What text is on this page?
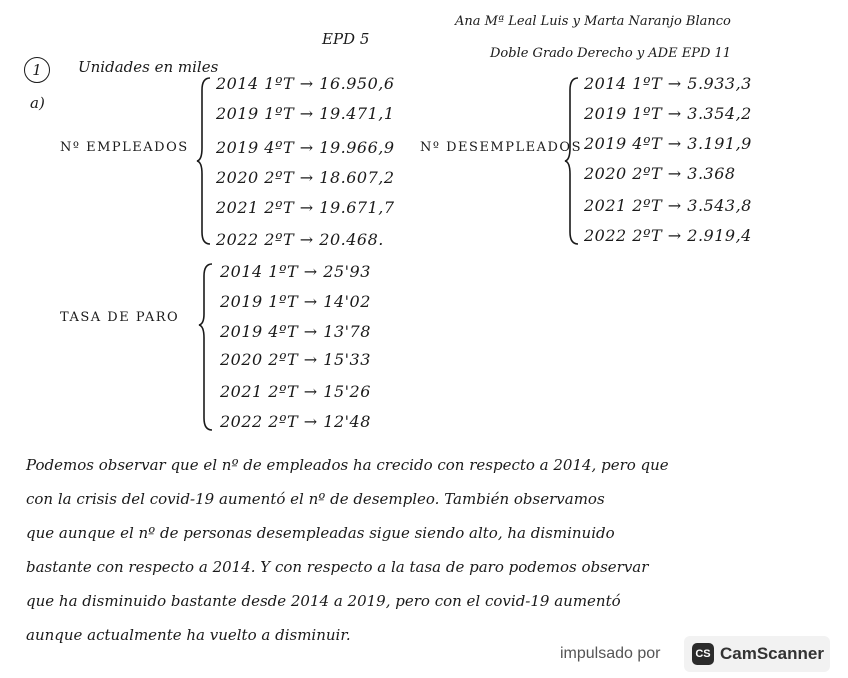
EPD 5
Ana Mª Leal Luis y Marta Naranjo Blanco
Doble Grado Derecho y ADE EPD 11
1	Unidades en miles
a)
Nº EMPLEADOS
2014 1ºT → 16.950,6
2019 1ºT → 19.471,1
2019 4ºT → 19.966,9
2020 2ºT → 18.607,2
2021 2ºT → 19.671,7
2022 2ºT → 20.468.
Nº DESEMPLEADOS
2014 1ºT → 5.933,3
2019 1ºT → 3.354,2
2019 4ºT → 3.191,9
2020 2ºT → 3.368
2021 2ºT → 3.543,8
2022 2ºT → 2.919,4
TASA DE PARO
2014 1ºT → 25'93
2019 1ºT → 14'02
2019 4ºT → 13'78
2020 2ºT → 15'33
2021 2ºT → 15'26
2022 2ºT → 12'48
Podemos observar que el nº de empleados ha crecido con respecto a 2014, pero que
con la crisis del covid-19 aumentó el nº de desempleo. También observamos
que aunque el nº de personas desempleadas sigue siendo alto, ha disminuido
bastante con respecto a 2014. Y con respecto a la tasa de paro podemos observar
que ha disminuido bastante desde 2014 a 2019, pero con el covid-19 aumentó
aunque actualmente ha vuelto a disminuir.
impulsado por	CS CamScanner
